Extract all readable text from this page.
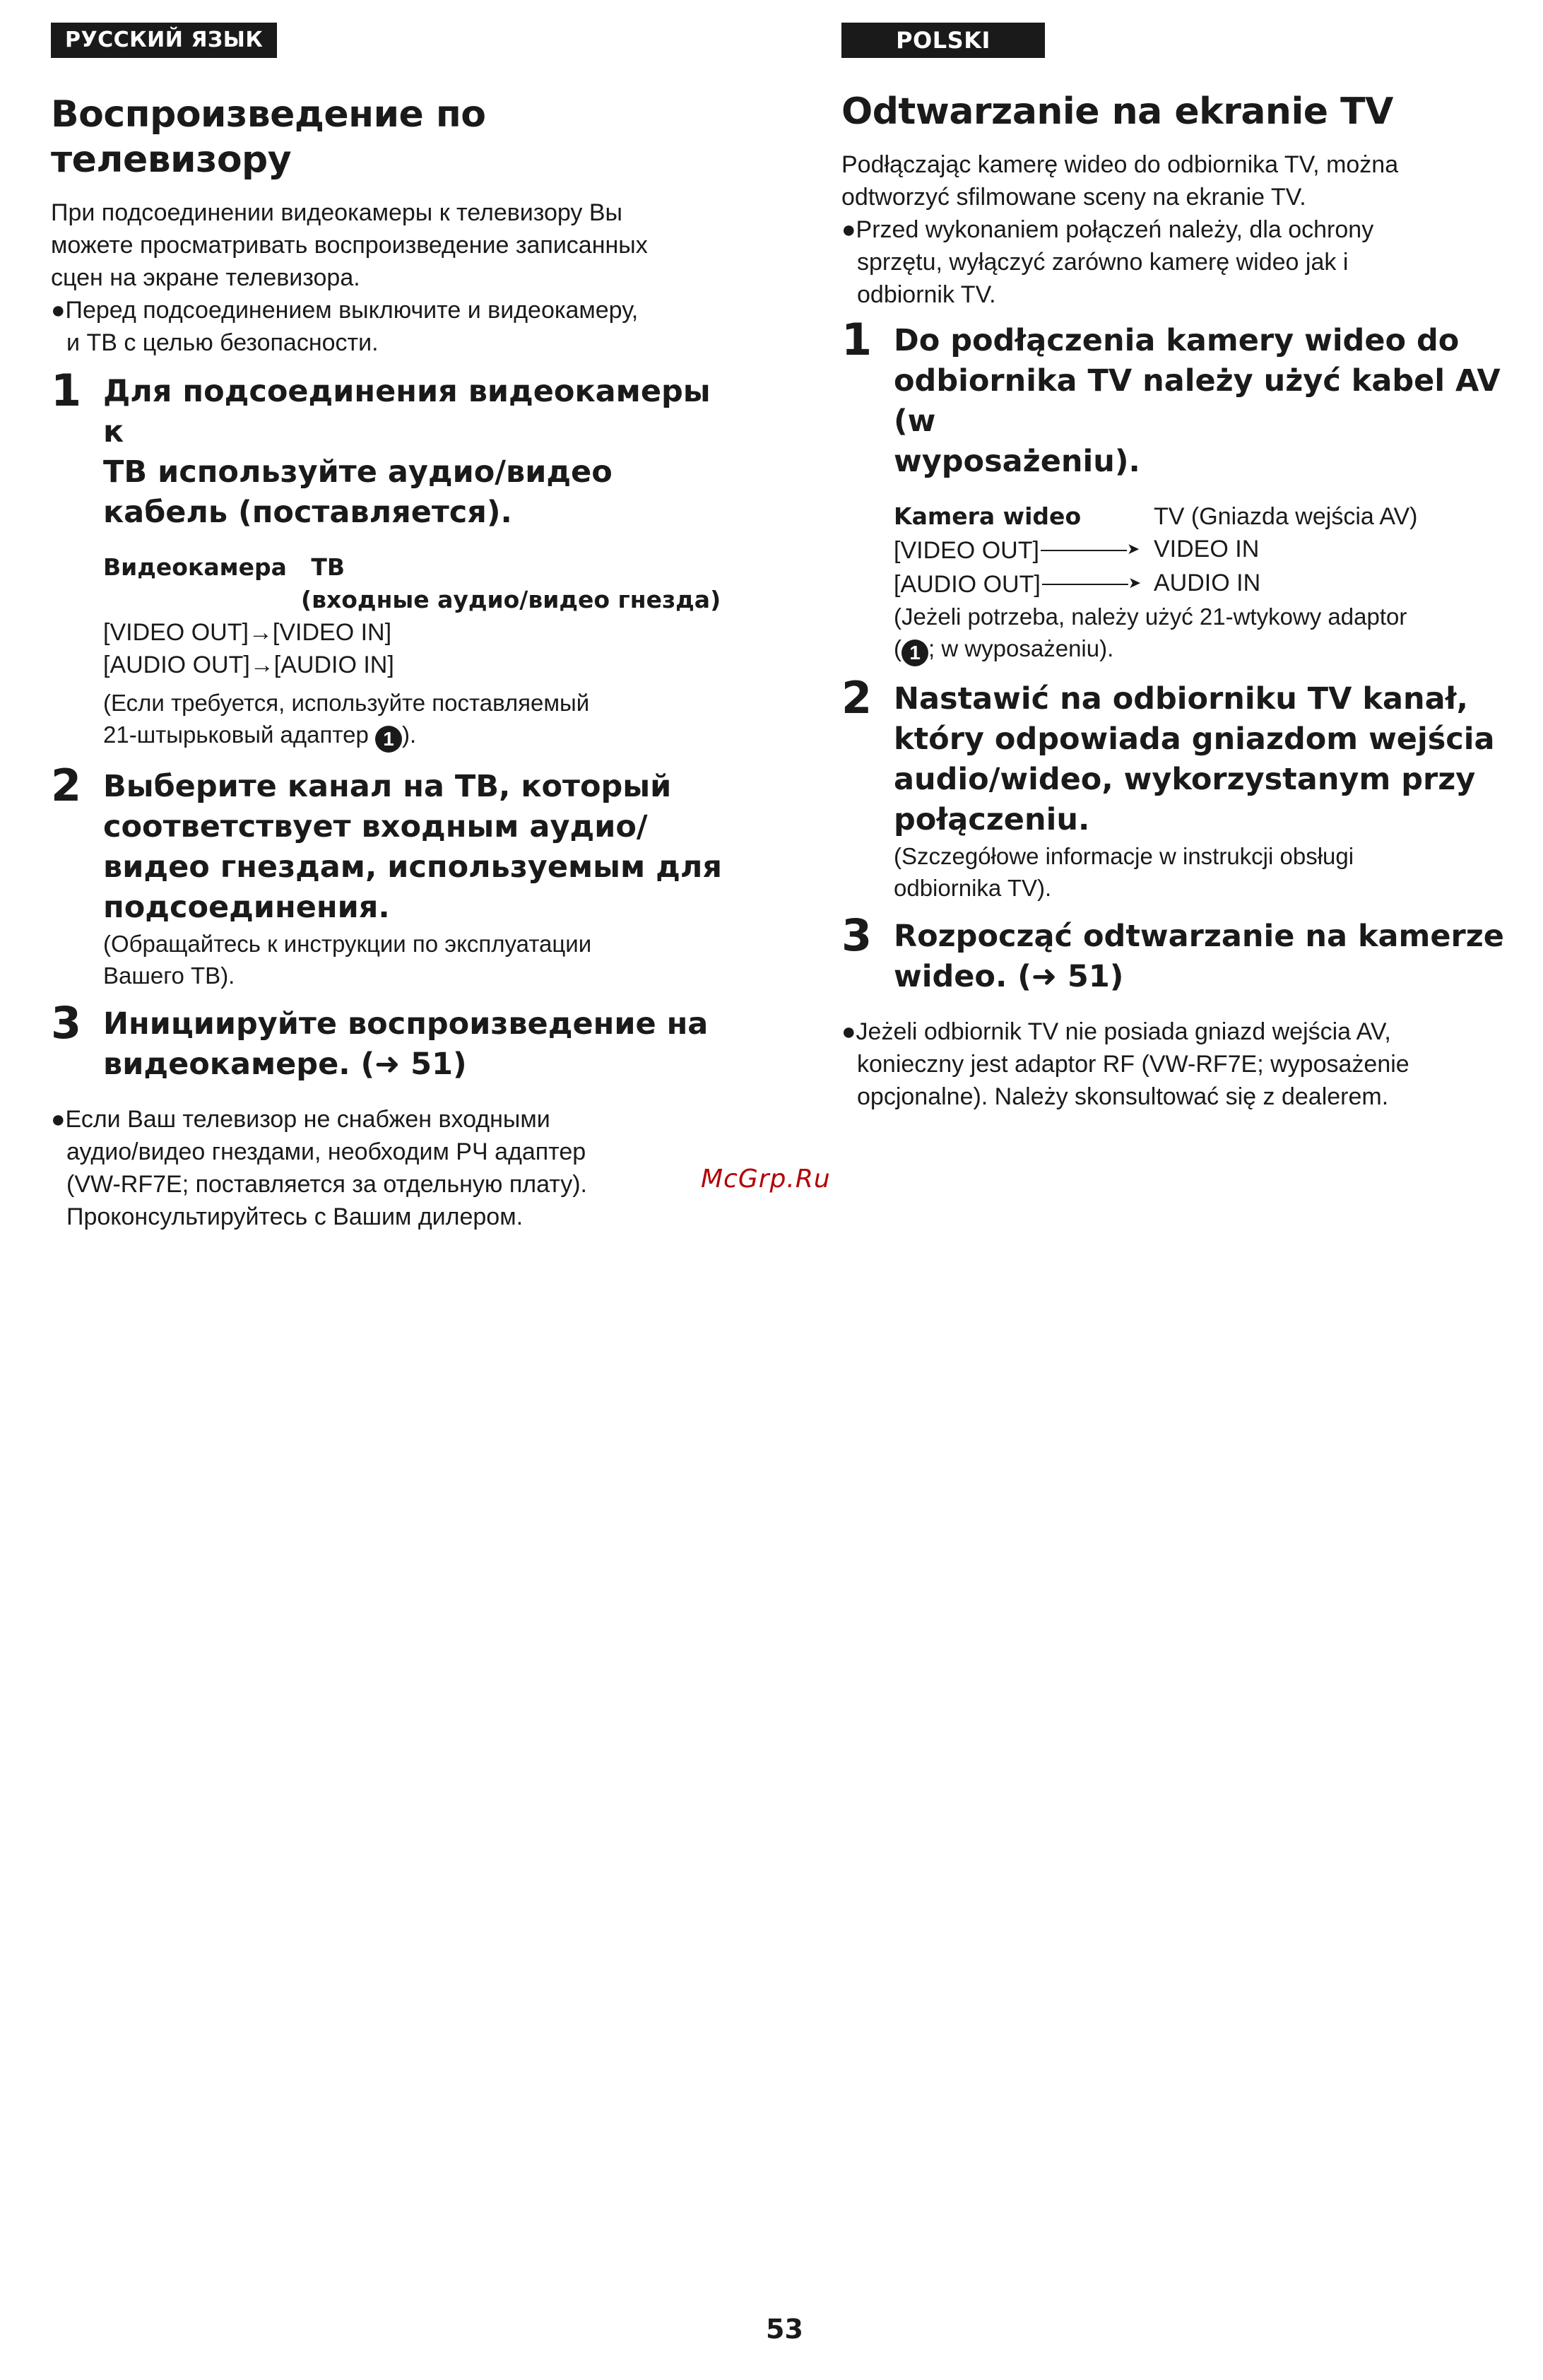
РУССКИЙ ЯЗЫК
Воспроизведение по телевизору

При подсоединении видеокамеры к телевизору Вы

можете просматривать воспроизведение записанных

сцен на экране телевизора.

●Перед подсоединением выключите и видеокамеру,

и ТВ с целью безопасности.

1 Для подсоединения видеокамеры к
ТВ используйте аудио/видео
кабель (поставляется).
Видеокамера ТВ
(входные аудио/видео гнезда)
[VIDEO OUT]→[VIDEO IN]
[AUDIO OUT]→[AUDIO IN]

(Если требуется, используйте поставляемый

21-штырьковый адаптер 1 ).

2 Выберите канал на ТВ, который
соответствует входным аудио/
видео гнездам, используемым для
подсоединения.

(Обращайтесь к инструкции по эксплуатации

Вашего ТВ).

3 Инициируйте воспроизведение на
видеокамере. (➜ 51)
●Если Ваш телевизор не снабжен входными
аудио/видео гнездами, необходим РЧ адаптер
(VW-RF7E; поставляется за отдельную плату).
Проконсультируйтесь с Вашим дилером.
POLSKI
Odtwarzanie na ekranie TV

Podłączając kamerę wideo do odbiornika TV, można

odtworzyć sfilmowane sceny na ekranie TV.

●Przed wykonaniem połączeń należy, dla ochrony

sprzętu, wyłączyć zarówno kamerę wideo jak i

odbiornik TV.

1 Do podłączenia kamery wideo do
odbiornika TV należy użyć kabel AV (w
wyposażeniu).
Kamera wideo	TV (Gniazda wejścia AV)
[VIDEO OUT]	➤ VIDEO IN
[AUDIO OUT]	➤ AUDIO IN

(Jeżeli potrzeba, należy użyć 21-wtykowy adaptor

( 1 ; w wyposażeniu).

2 Nastawić na odbiorniku TV kanał,
który odpowiada gniazdom wejścia
audio/wideo, wykorzystanym przy
połączeniu.

(Szczegółowe informacje w instrukcji obsługi

odbiornika TV).

3 Rozpocząć odtwarzanie na kamerze
wideo. (➜ 51)
●Jeżeli odbiornik TV nie posiada gniazd wejścia AV,
konieczny jest adaptor RF (VW-RF7E; wyposażenie
opcjonalne). Należy skonsultować się z dealerem.
McGrp.Ru
53
